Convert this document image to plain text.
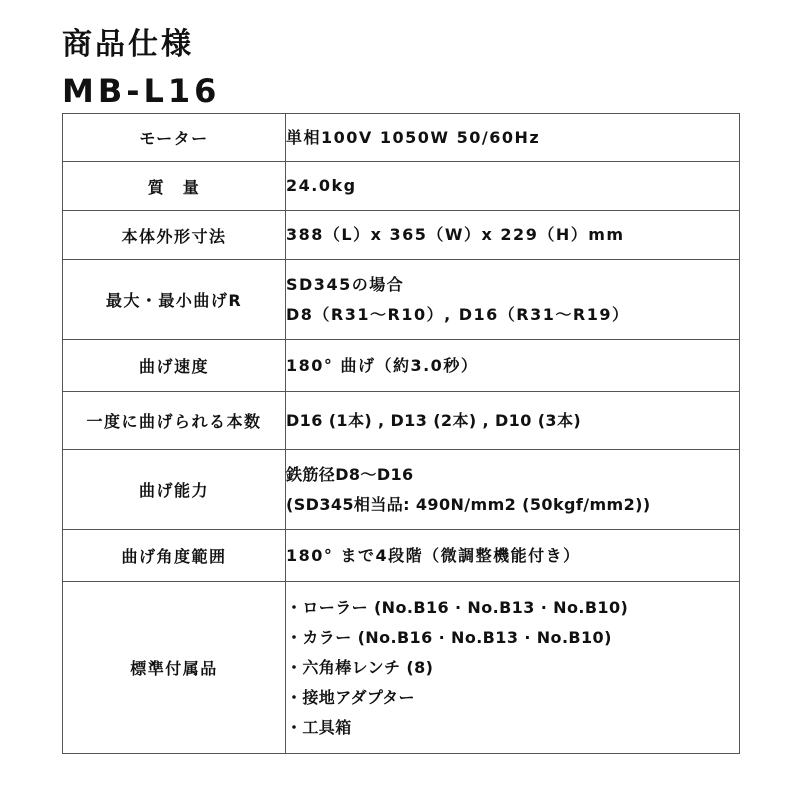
商品仕様
MB-L16
モーター	単相100V 1050W 50/60Hz

質　量	24.0kg

本体外形寸法	388（L）x 365（W）x 229（H）mm

最大・最小曲げR	SD345の場合
D8（R31～R10）, D16（R31～R19）

曲げ速度	180° 曲げ（約3.0秒）

一度に曲げられる本数	D16 (1本) , D13 (2本) , D10 (3本)

曲げ能力	鉄筋径D8～D16
(SD345相当品: 490N/mm2 (50kgf/mm2))

曲げ角度範囲	180° まで4段階（微調整機能付き）

標準付属品	・ローラー (No.B16 · No.B13 · No.B10)
・カラー (No.B16 · No.B13 · No.B10)
・六角棒レンチ (8)
・接地アダプター
・工具箱
